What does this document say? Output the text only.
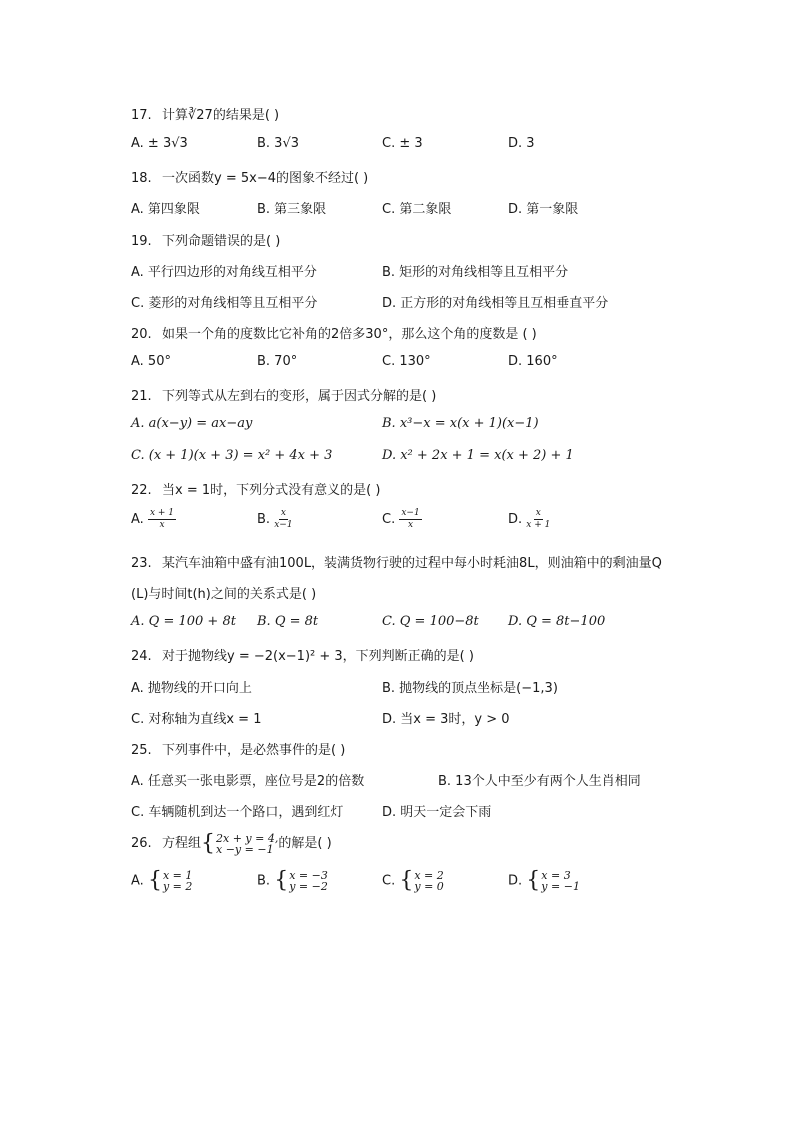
17. 计算∛27的结果是( )
A. ± 3√3	B. 3√3	C. ± 3	D. 3
18. 一次函数y = 5x−4的图象不经过( )
A. 第四象限	B. 第三象限	C. 第二象限	D. 第一象限
19. 下列命题错误的是( )
A. 平行四边形的对角线互相平分	B. 矩形的对角线相等且互相平分
C. 菱形的对角线相等且互相平分	D. 正方形的对角线相等且互相垂直平分
20. 如果一个角的度数比它补角的2倍多30°，那么这个角的度数是 ( )
A. 50°	B. 70°	C. 130°	D. 160°
21. 下列等式从左到右的变形，属于因式分解的是( )
A. a(x−y) = ax−ay	B. x³−x = x(x + 1)(x−1)
C. (x + 1)(x + 3) = x² + 4x + 3	D. x² + 2x + 1 = x(x + 2) + 1
22. 当x = 1时，下列分式没有意义的是( )
A. $\frac{x + 1}{x}$	B. $\frac{x}{x-1}$	C. $\frac{x-1}{x}$	D. $\frac{x}{x + 1}$
23. 某汽车油箱中盛有油100L，装满货物行驶的过程中每小时耗油8L，则油箱中的剩油量Q
(L)与时间t(h)之间的关系式是( )
A. Q = 100 + 8t B. Q = 8t	C. Q = 100−8t D. Q = 8t−100
24. 对于抛物线y = −2(x−1)² + 3，下列判断正确的是( )
A. 抛物线的开口向上	B. 抛物线的顶点坐标是(−1,3)
C. 对称轴为直线x = 1	D. 当x = 3时，y > 0
25. 下列事件中，是必然事件的是( )
A. 任意买一张电影票，座位号是2的倍数	B. 13个人中至少有两个人生肖相同
C. 车辆随机到达一个路口，遇到红灯	D. 明天一定会下雨
26. 方程组 { 2x + y = 4,
x −y = −1 的解是( )
A. { x = 1
y = 2	B. { x = −3
y = −2	C. { x = 2
y = 0	D. { x = 3
y = −1
